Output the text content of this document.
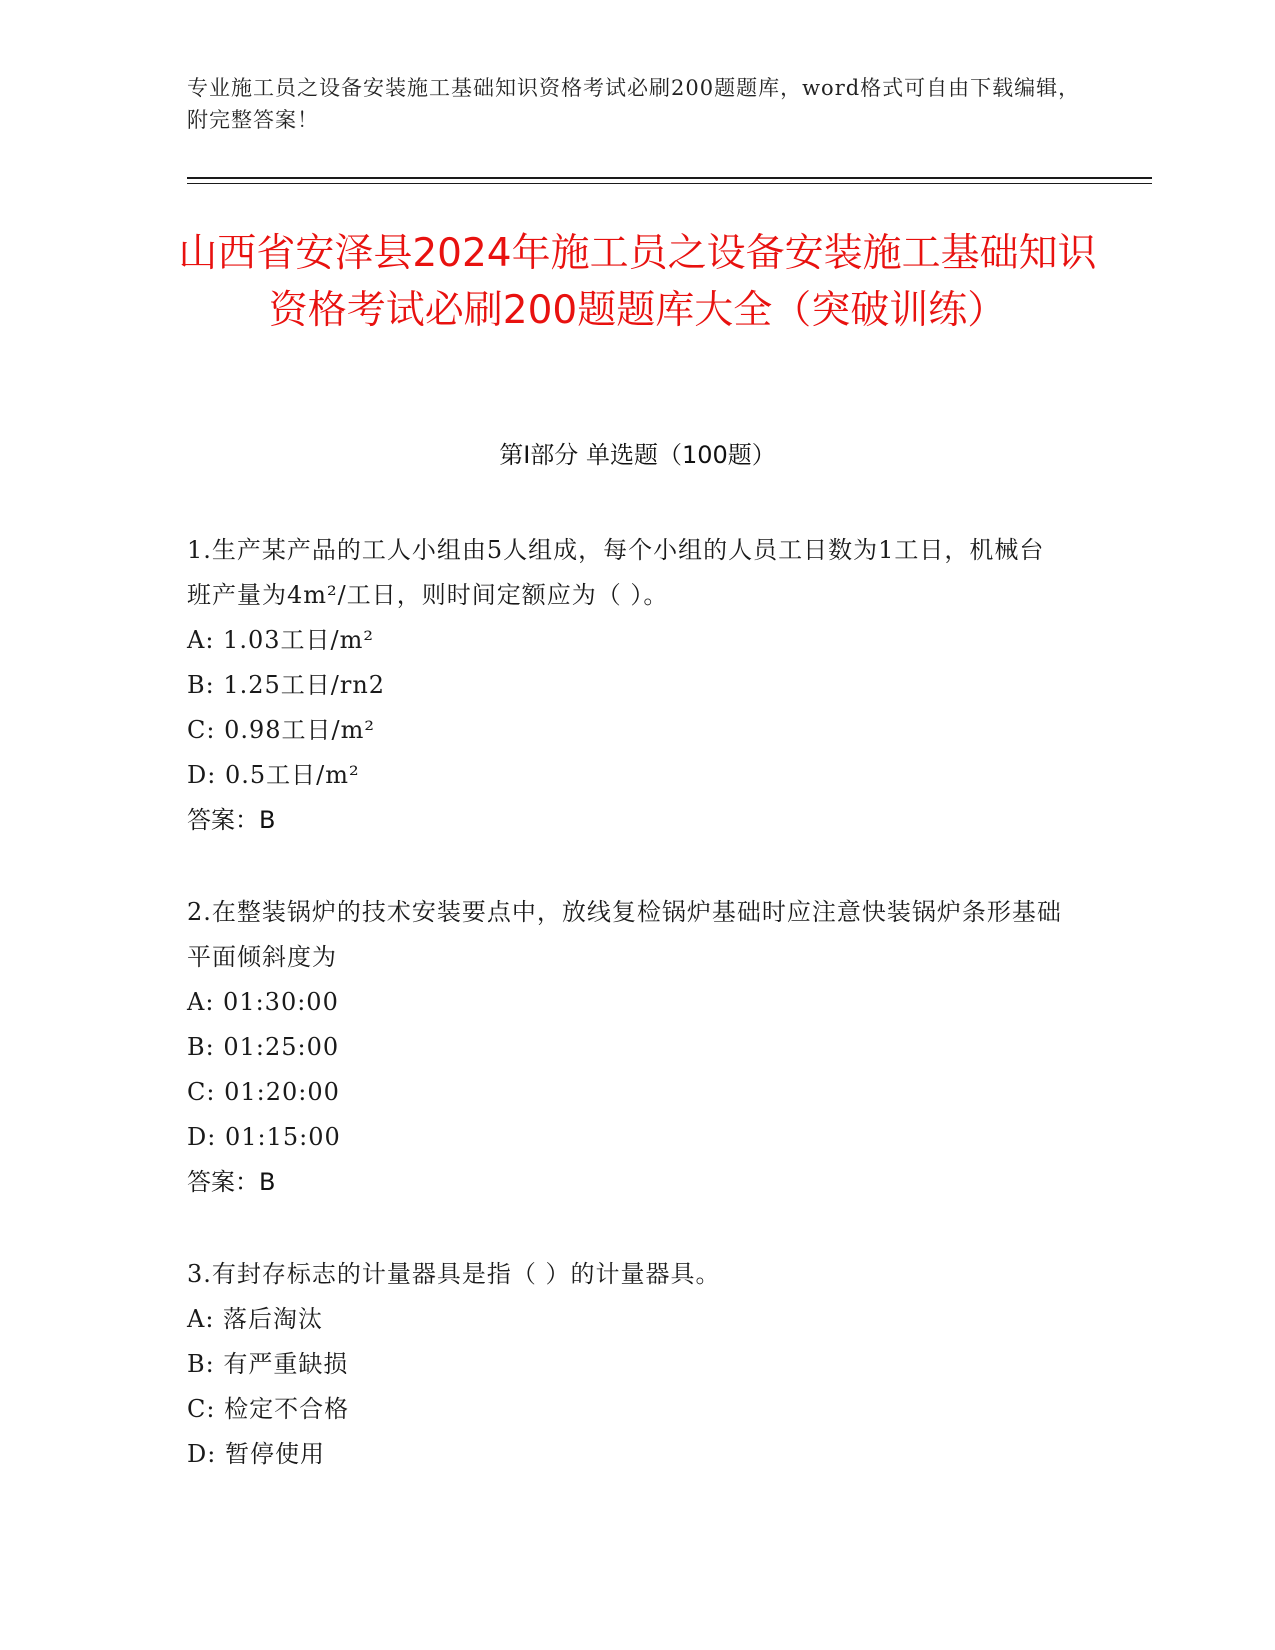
专业施工员之设备安装施工基础知识资格考试必刷200题题库，word格式可自由下载编辑，附完整答案！
山西省安泽县2024年施工员之设备安装施工基础知识资格考试必刷200题题库大全（突破训练）
第I部分 单选题（100题）
1.生产某产品的工人小组由5人组成，每个小组的人员工日数为1工日，机械台班产量为4m²/工日，则时间定额应为（ ）。
A: 1.03工日/m²
B: 1.25工日/rn2
C: 0.98工日/m²
D: 0.5工日/m²
答案：B
2.在整装锅炉的技术安装要点中，放线复检锅炉基础时应注意快装锅炉条形基础平面倾斜度为
A: 01:30:00
B: 01:25:00
C: 01:20:00
D: 01:15:00
答案：B
3.有封存标志的计量器具是指（ ）的计量器具。
A: 落后淘汰
B: 有严重缺损
C: 检定不合格
D: 暂停使用
